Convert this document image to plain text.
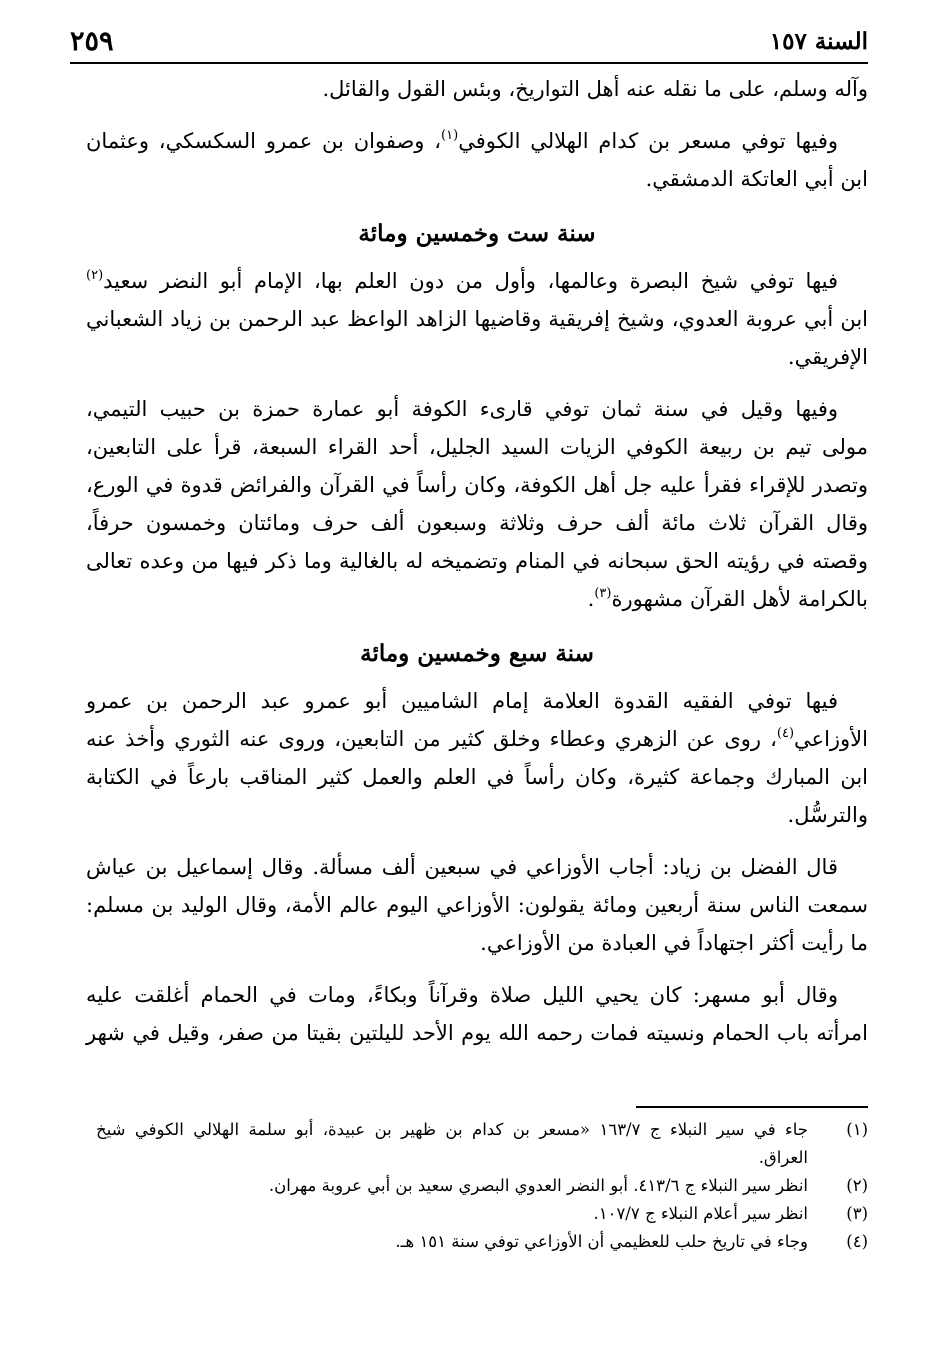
السنة ١٥٧
٢٥٩
وآله وسلم، على ما نقله عنه أهل التواريخ، وبئس القول والقائل.
وفيها توفي مسعر بن كدام الهلالي الكوفي$^{(١)}$، وصفوان بن عمرو السكسكي، وعثمان
ابن أبي العاتكة الدمشقي.
سنة ست وخمسين ومائة
فيها توفي شيخ البصرة وعالمها، وأول من دون العلم بها، الإمام أبو النضر سعيد$^{(٢)}$
ابن أبي عروبة العدوي، وشيخ إفريقية وقاضيها الزاهد الواعظ عبد الرحمن بن زياد الشعباني
الإفريقي.
وفيها وقيل في سنة ثمان توفي قارىء الكوفة أبو عمارة حمزة بن حبيب التيمي،
مولى تيم بن ربيعة الكوفي الزيات السيد الجليل، أحد القراء السبعة، قرأ على التابعين،
وتصدر للإقراء فقرأ عليه جل أهل الكوفة، وكان رأساً في القرآن والفرائض قدوة في الورع،
وقال القرآن ثلاث مائة ألف حرف وثلاثة وسبعون ألف حرف ومائتان وخمسون حرفاً،
وقصته في رؤيته الحق سبحانه في المنام وتضميخه له بالغالية وما ذكر فيها من وعده تعالى
بالكرامة لأهل القرآن مشهورة$^{(٣)}$.
سنة سبع وخمسين ومائة
فيها توفي الفقيه القدوة العلامة إمام الشاميين أبو عمرو عبد الرحمن بن عمرو
الأوزاعي$^{(٤)}$، روى عن الزهري وعطاء وخلق كثير من التابعين، وروى عنه الثوري وأخذ عنه
ابن المبارك وجماعة كثيرة، وكان رأساً في العلم والعمل كثير المناقب بارعاً في الكتابة
والترسُّل.
قال الفضل بن زياد: أجاب الأوزاعي في سبعين ألف مسألة. وقال إسماعيل بن عياش
سمعت الناس سنة أربعين ومائة يقولون: الأوزاعي اليوم عالم الأمة، وقال الوليد بن مسلم:
ما رأيت أكثر اجتهاداً في العبادة من الأوزاعي.
وقال أبو مسهر: كان يحيي الليل صلاة وقرآناً وبكاءً، ومات في الحمام أغلقت عليه
امرأته باب الحمام ونسيته فمات رحمه الله يوم الأحد لليلتين بقيتا من صفر، وقيل في شهر
(١)
جاء في سير النبلاء ج ١٦٣/٧ «مسعر بن كدام بن ظهير بن عبيدة، أبو سلمة الهلالي الكوفي شيخ
العراق.
(٢)
انظر سير النبلاء ج ٤١٣/٦. أبو النضر العدوي البصري سعيد بن أبي عروبة مهران.
(٣)
انظر سير أعلام النبلاء ج ١٠٧/٧.
(٤)
وجاء في تاريخ حلب للعظيمي أن الأوزاعي توفي سنة ١٥١ هـ.
